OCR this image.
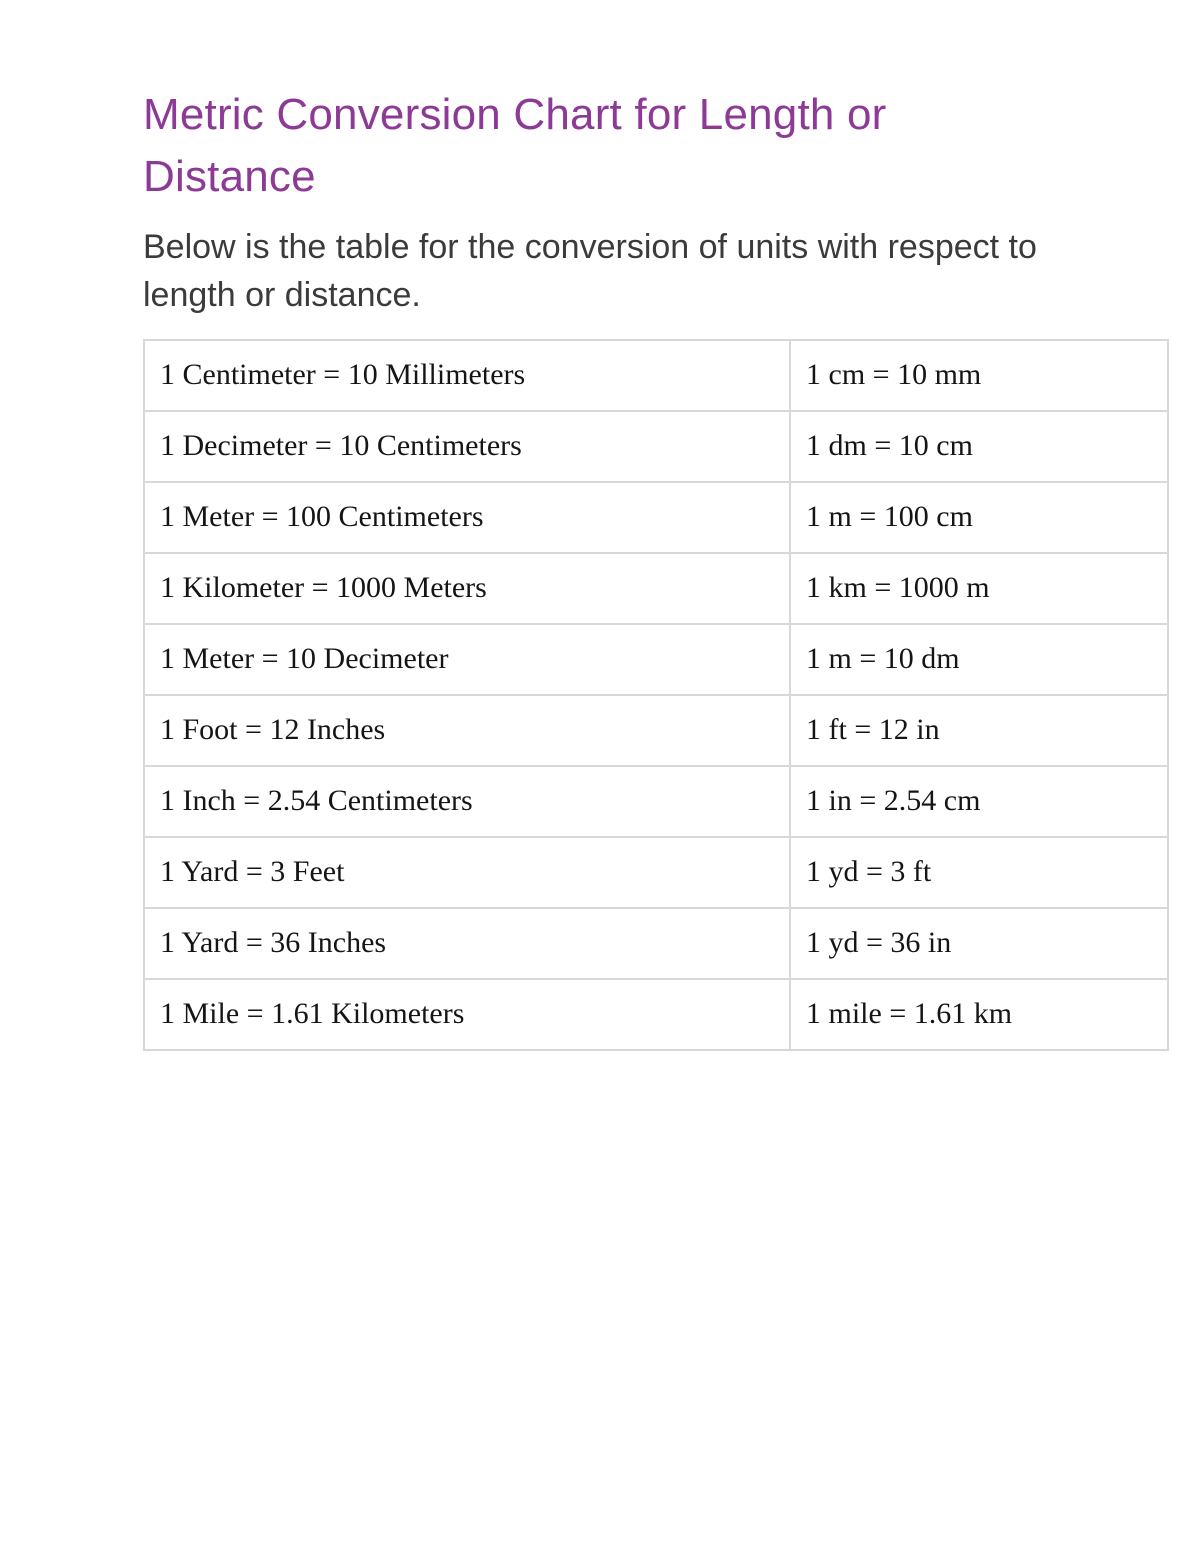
Metric Conversion Chart for Length or Distance

Below is the table for the conversion of units with respect to length or distance.

1 Centimeter = 10 Millimeters	1 cm = 10 mm
1 Decimeter = 10 Centimeters	1 dm = 10 cm
1 Meter = 100 Centimeters	1 m = 100 cm
1 Kilometer = 1000 Meters	1 km = 1000 m
1 Meter = 10 Decimeter	1 m = 10 dm
1 Foot = 12 Inches	1 ft = 12 in
1 Inch = 2.54 Centimeters	1 in = 2.54 cm
1 Yard = 3 Feet	1 yd = 3 ft
1 Yard = 36 Inches	1 yd = 36 in
1 Mile = 1.61 Kilometers	1 mile = 1.61 km
